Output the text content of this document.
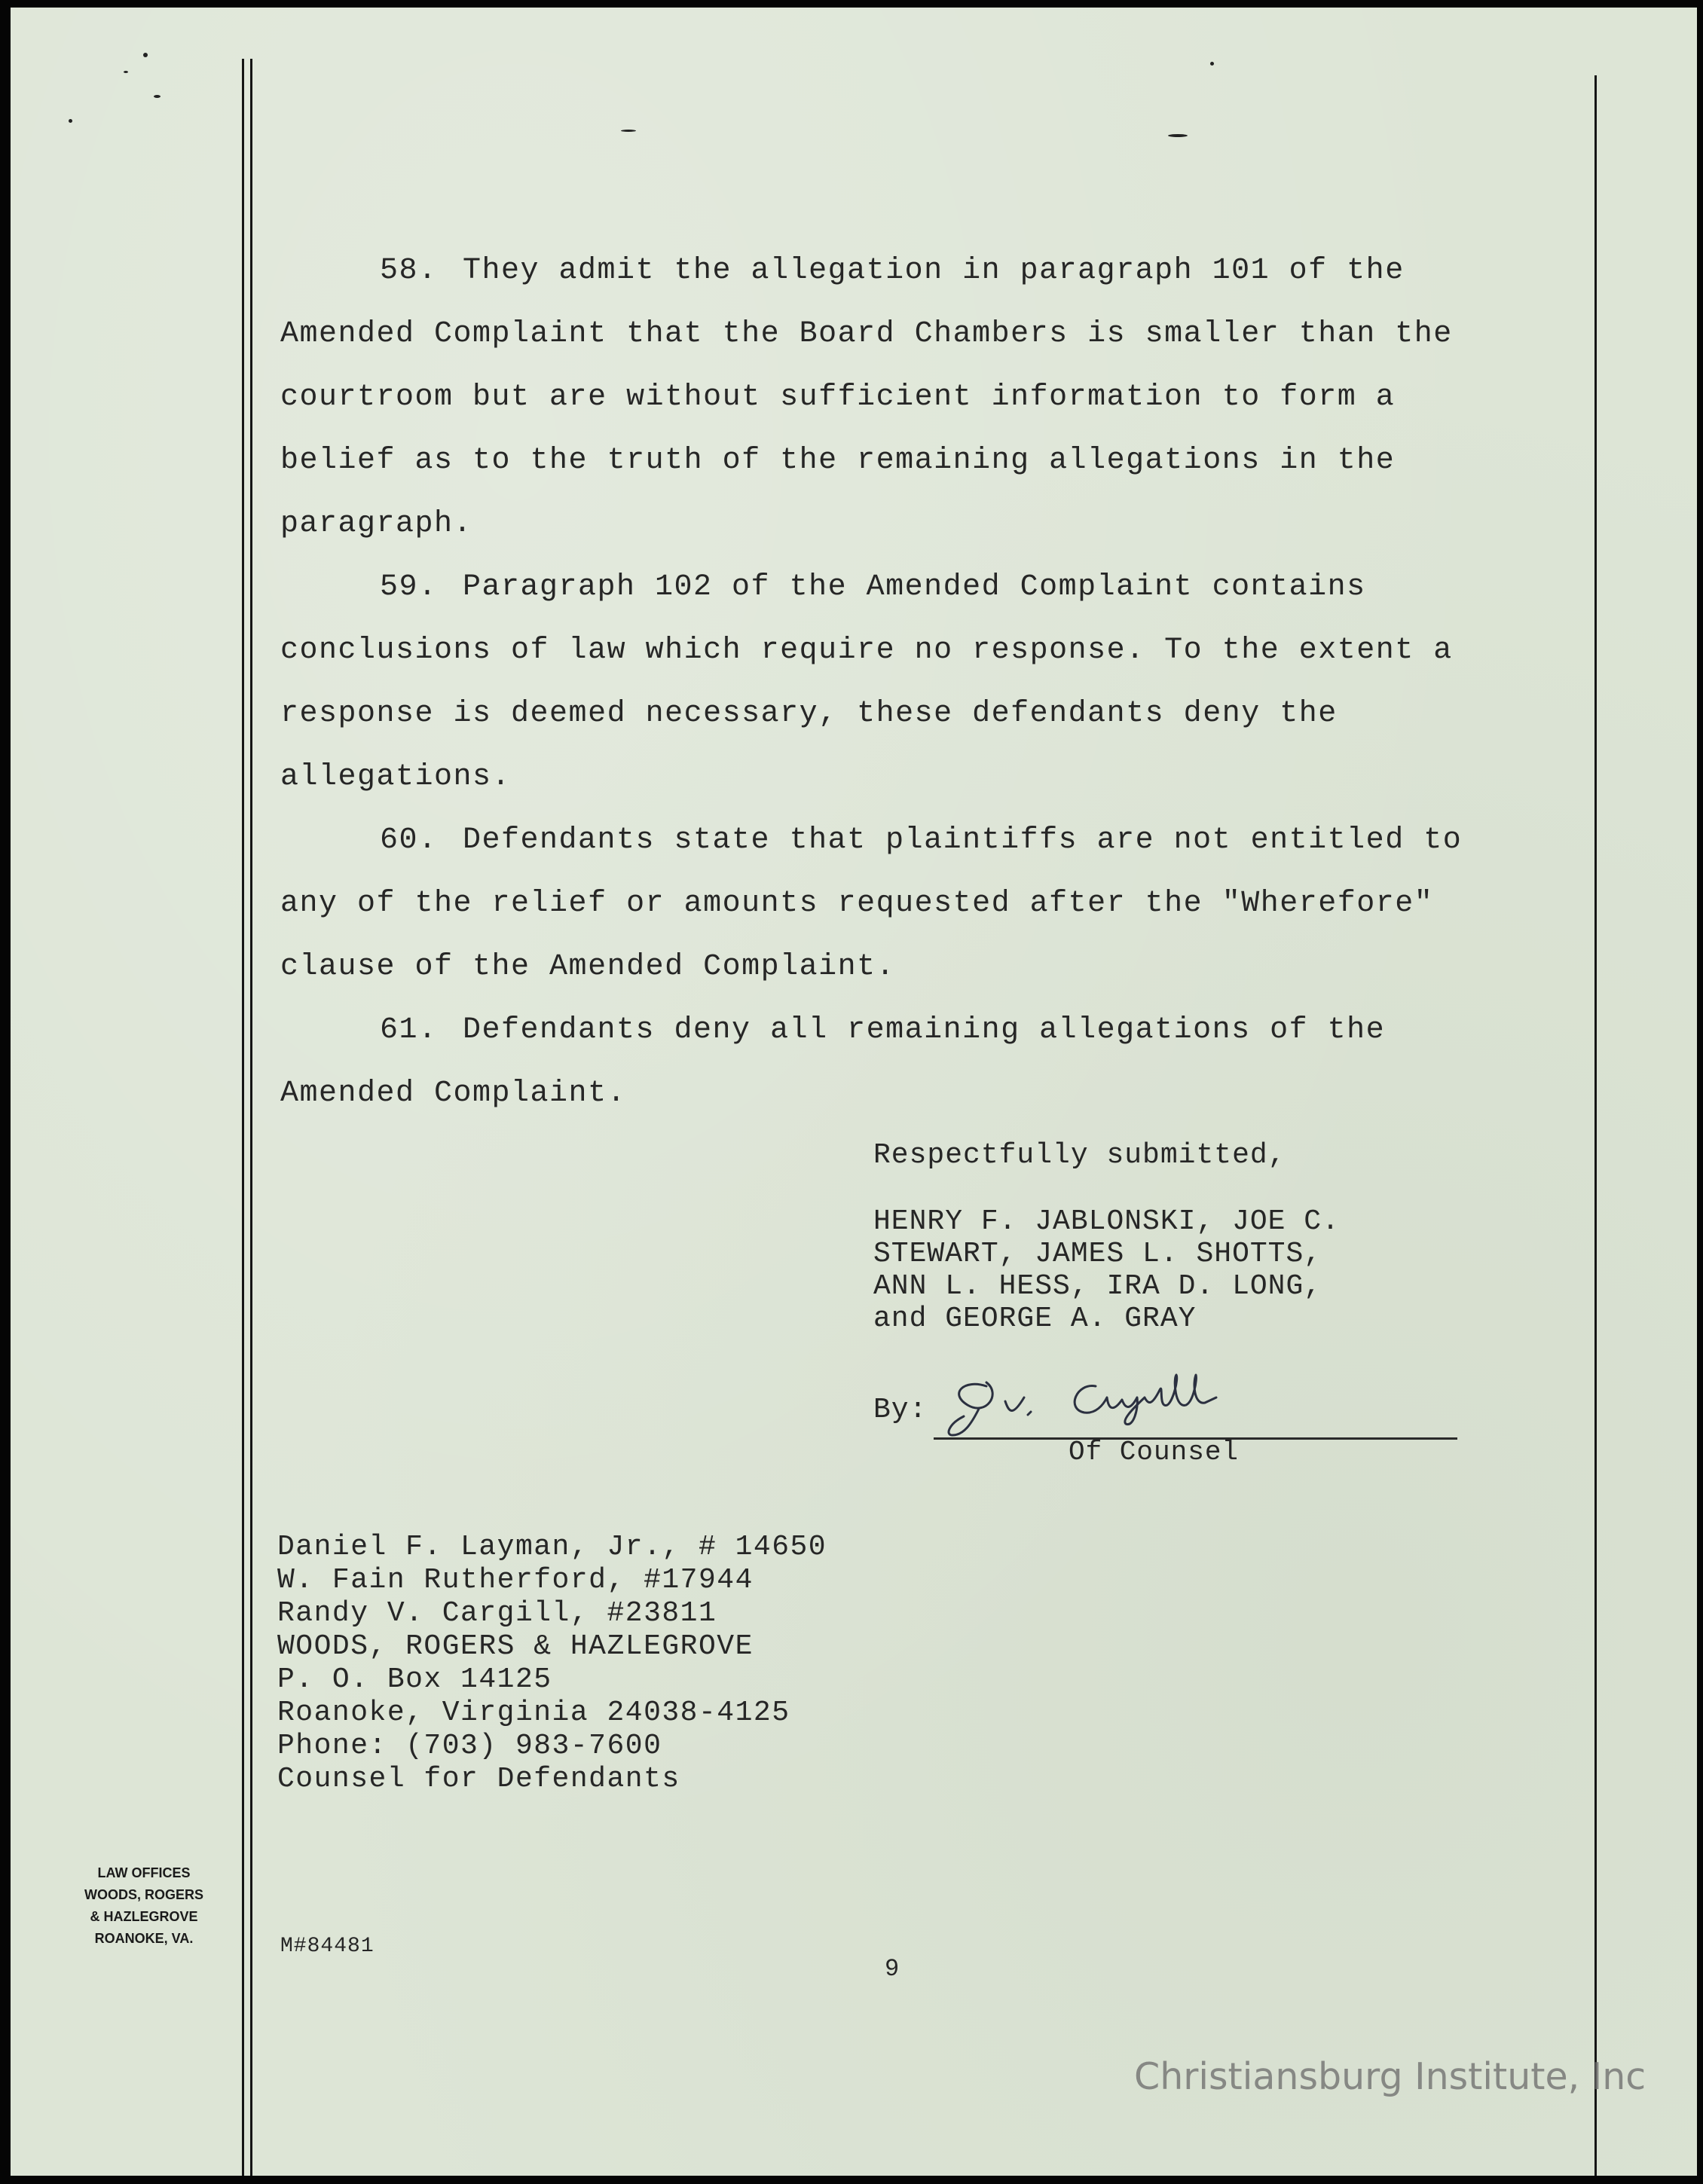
58. They admit the allegation in paragraph 101 of the

Amended Complaint that the Board Chambers is smaller than the

courtroom but are without sufficient information to form a

belief as to the truth of the remaining allegations in the

paragraph.

59. Paragraph 102 of the Amended Complaint contains

conclusions of law which require no response. To the extent a

response is deemed necessary, these defendants deny the

allegations.

60. Defendants state that plaintiffs are not entitled to

any of the relief or amounts requested after the "Wherefore"

clause of the Amended Complaint.

61. Defendants deny all remaining allegations of the

Amended Complaint.

Respectfully submitted,
HENRY F. JABLONSKI, JOE C.
STEWART, JAMES L. SHOTTS,
ANN L. HESS, IRA D. LONG,
and GEORGE A. GRAY
By:
Of Counsel
Daniel F. Layman, Jr., # 14650
W. Fain Rutherford, #17944
Randy V. Cargill, #23811
WOODS, ROGERS & HAZLEGROVE
P. O. Box 14125
Roanoke, Virginia 24038-4125
Phone: (703) 983-7600
Counsel for Defendants
LAW OFFICES
WOODS, ROGERS
& HAZLEGROVE
ROANOKE, VA.	M#84481
9
Christiansburg Institute, Inc
